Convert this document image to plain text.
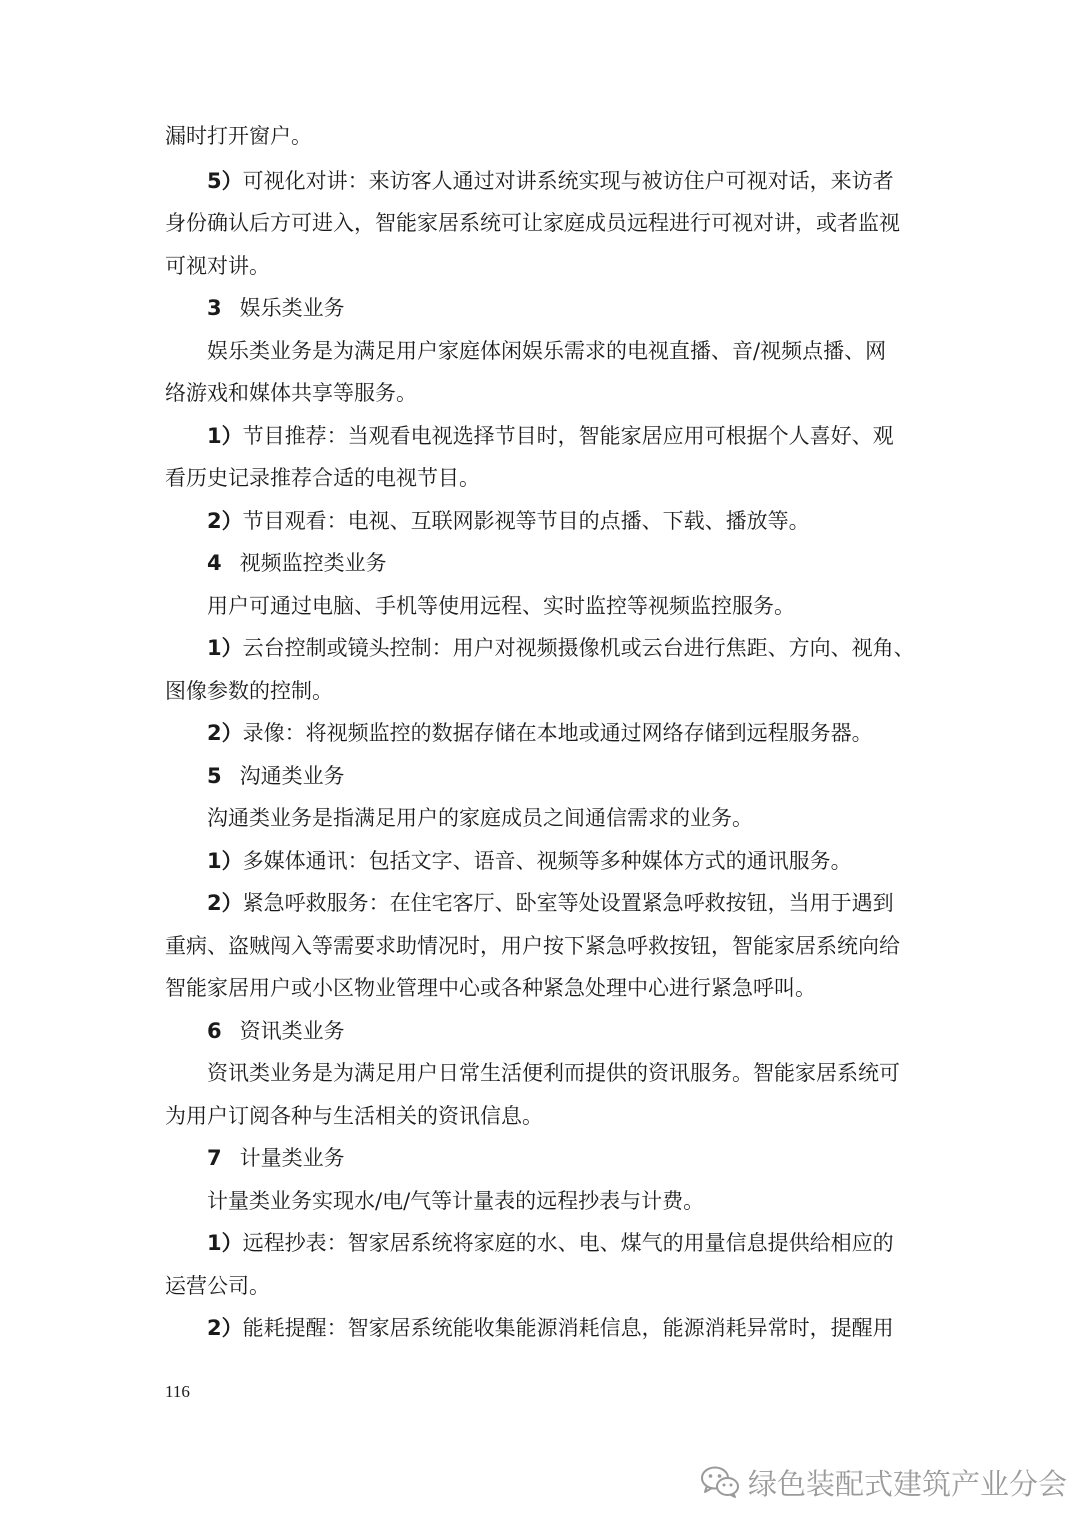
漏时打开窗户。
5）可视化对讲：来访客人通过对讲系统实现与被访住户可视对话，来访者
身份确认后方可进入，智能家居系统可让家庭成员远程进行可视对讲，或者监视
可视对讲。
3 娱乐类业务
娱乐类业务是为满足用户家庭体闲娱乐需求的电视直播、音/视频点播、网
络游戏和媒体共享等服务。
1）节目推荐：当观看电视选择节目时，智能家居应用可根据个人喜好、观
看历史记录推荐合适的电视节目。
2）节目观看：电视、互联网影视等节目的点播、下载、播放等。
4 视频监控类业务
用户可通过电脑、手机等使用远程、实时监控等视频监控服务。
1）云台控制或镜头控制：用户对视频摄像机或云台进行焦距、方向、视角、
图像参数的控制。
2）录像：将视频监控的数据存储在本地或通过网络存储到远程服务器。
5 沟通类业务
沟通类业务是指满足用户的家庭成员之间通信需求的业务。
1）多媒体通讯：包括文字、语音、视频等多种媒体方式的通讯服务。
2）紧急呼救服务：在住宅客厅、卧室等处设置紧急呼救按钮，当用于遇到
重病、盗贼闯入等需要求助情况时，用户按下紧急呼救按钮，智能家居系统向给
智能家居用户或小区物业管理中心或各种紧急处理中心进行紧急呼叫。
6 资讯类业务
资讯类业务是为满足用户日常生活便利而提供的资讯服务。智能家居系统可
为用户订阅各种与生活相关的资讯信息。
7 计量类业务
计量类业务实现水/电/气等计量表的远程抄表与计费。
1）远程抄表：智家居系统将家庭的水、电、煤气的用量信息提供给相应的
运营公司。
2）能耗提醒：智家居系统能收集能源消耗信息，能源消耗异常时，提醒用
116
绿色装配式建筑产业分会
